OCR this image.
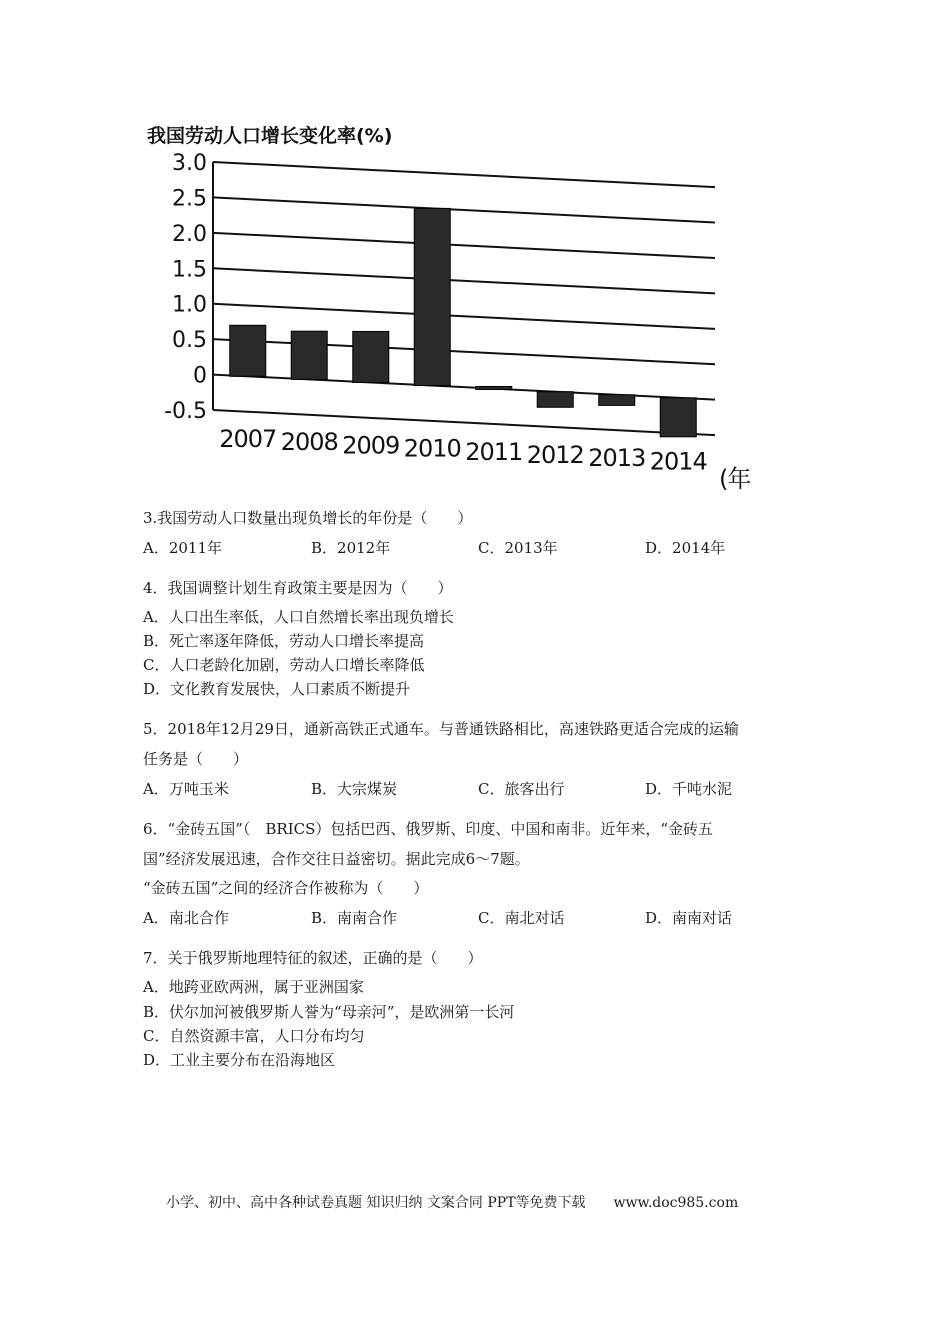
我国劳动人口增长变化率(%)
3.0
2.5
2.0
1.5
1.0
0.5
0
-0.5
2007 2008 2009 2010 2011 2012 2013 2014
(年
3.我国劳动人口数量出现负增长的年份是（　　）
A．2011年	B．2012年	C．2013年	D．2014年
4．我国调整计划生育政策主要是因为（　　）
A．人口出生率低，人口自然增长率出现负增长
B．死亡率逐年降低，劳动人口增长率提高
C．人口老龄化加剧，劳动人口增长率降低
D．文化教育发展快，人口素质不断提升
5．2018年12月29日，通新高铁正式通车。与普通铁路相比，高速铁路更适合完成的运输
任务是（　　）
A．万吨玉米	B．大宗煤炭	C．旅客出行	D．千吨水泥
6．“金砖五国”（　BRICS）包括巴西、俄罗斯、印度、中国和南非。近年来，“金砖五
国”经济发展迅速，合作交往日益密切。据此完成6～7题。
“金砖五国”之间的经济合作被称为（　　）
A．南北合作	B．南南合作	C．南北对话	D．南南对话
7．关于俄罗斯地理特征的叙述，正确的是（　　）
A．地跨亚欧两洲，属于亚洲国家
B．伏尔加河被俄罗斯人誉为“母亲河”，是欧洲第一长河
C．自然资源丰富，人口分布均匀
D．工业主要分布在沿海地区
小学、初中、高中各种试卷真题 知识归纳 文案合同 PPT等免费下载　　www.doc985.com
